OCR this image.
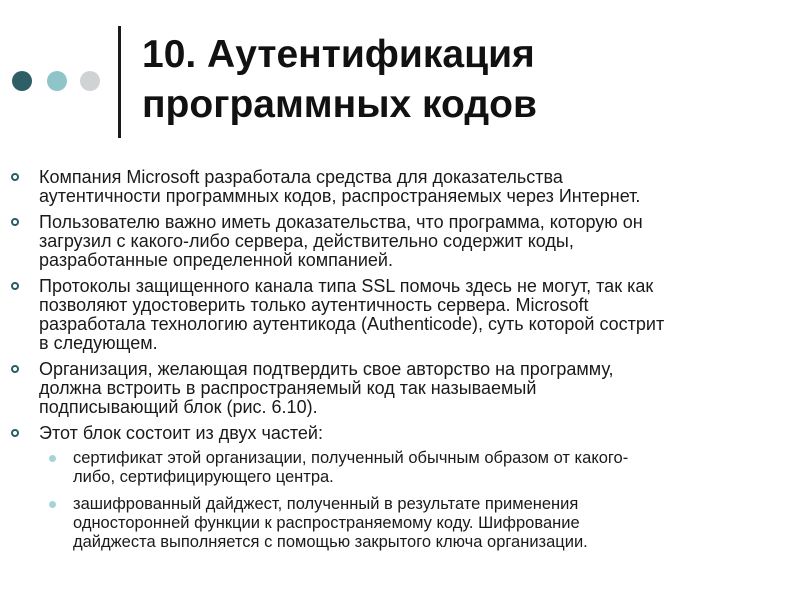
10. Аутентификация
программных кодов
Компания Microsoft разработала средства для доказательства
аутентичности программных кодов, распространяемых через Интернет.
Пользователю важно иметь доказательства, что программа, которую он
загрузил с какого-либо сервера, действительно содержит коды,
разработанные определенной компанией.
Протоколы защищенного канала типа SSL помочь здесь не могут, так как
позволяют удостоверить только аутентичность сервера. Microsoft
разработала технологию аутентикода (Authenticode), суть которой сострит
в следующем.
Организация, желающая подтвердить свое авторство на программу,
должна встроить в распространяемый код так называемый
подписывающий блок (рис. 6.10).
Этот блок состоит из двух частей:
сертификат этой организации, полученный обычным образом от какого-
либо, сертифицирующего центра.
зашифрованный дайджест, полученный в результате применения
односторонней функции к распространяемому коду. Шифрование
дайджеста выполняется с помощью закрытого ключа организации.
